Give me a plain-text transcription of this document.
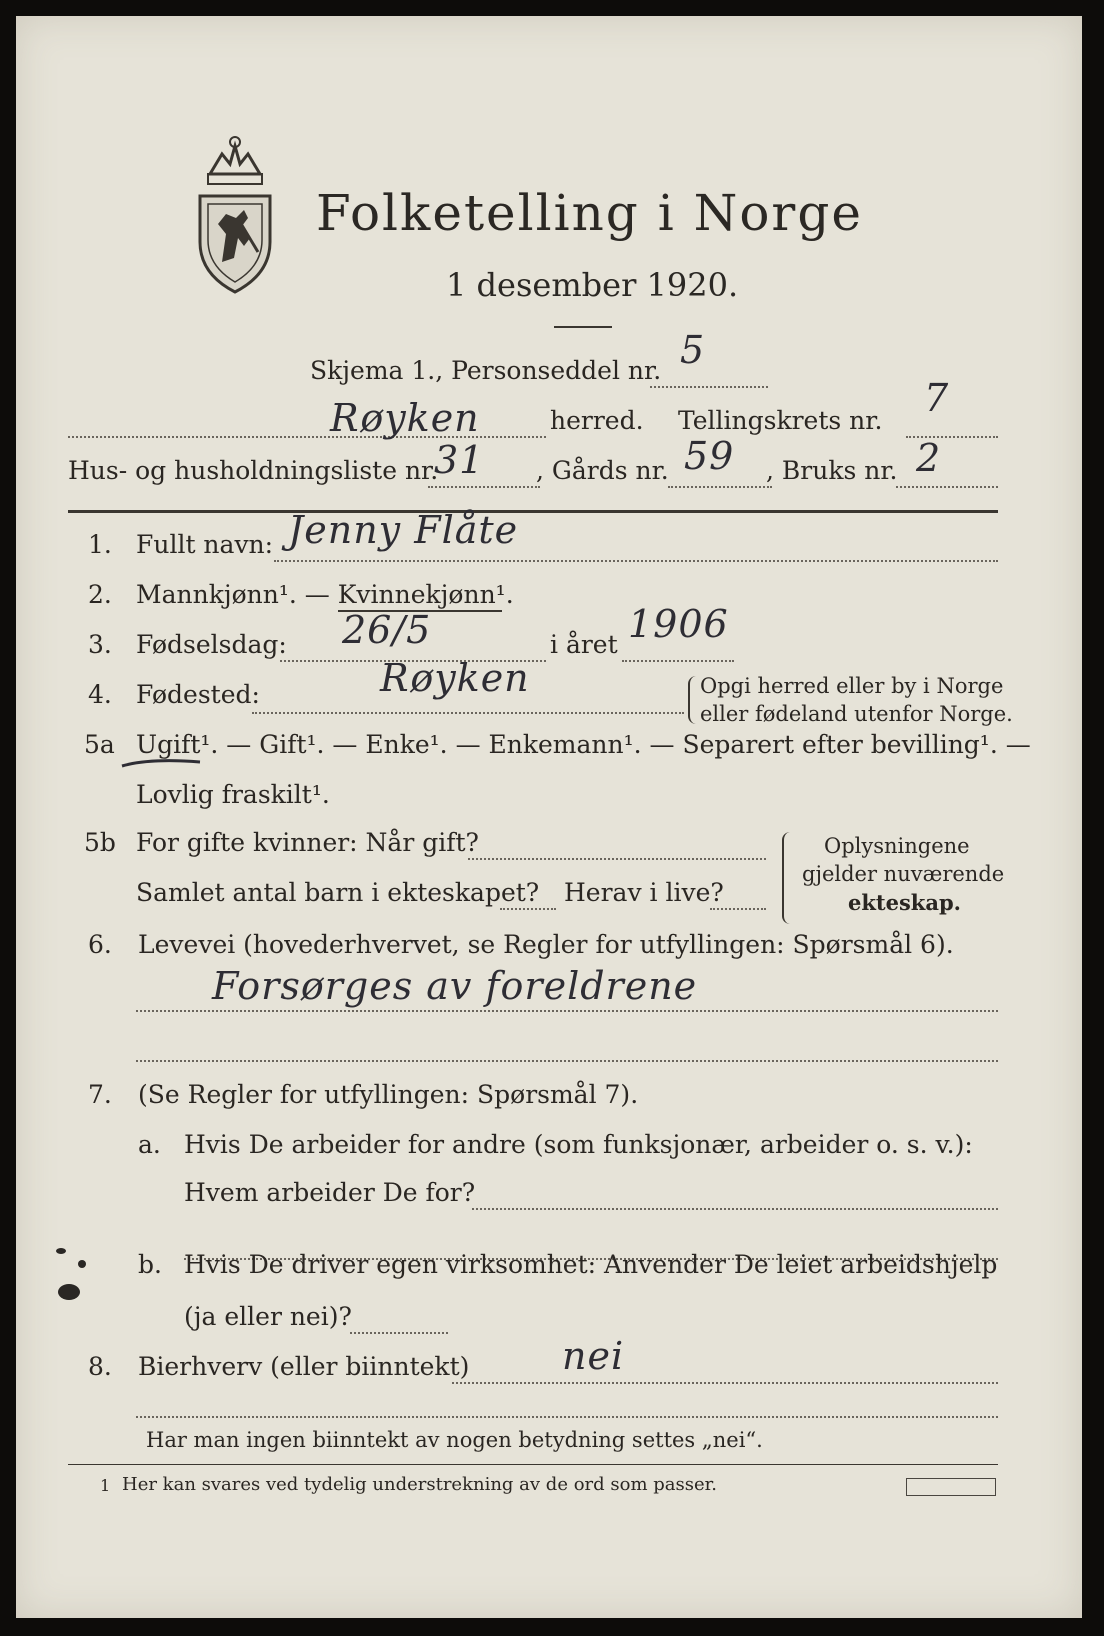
Folketelling i Norge
1 desember 1920.
Skjema 1., Personseddel nr. 5
Røyken	herred. Tellingskrets nr.
7
Hus- og husholdningsliste nr.
31 , Gårds nr. 59 , Bruks nr. 2
1. Fullt navn: Jenny Flåte
2. Mannkjønn¹. — Kvinnekjønn¹.
3. Fødselsdag: 26/5	i året 1906
4. Fødested:	Røyken	Opgi herred eller by i Norge
eller fødeland utenfor Norge.
5a Ugift¹. — Gift¹. — Enke¹. — Enkemann¹. — Separert efter bevilling¹. —
Lovlig fraskilt¹.
5b For gifte kvinner: Når gift?
Samlet antal barn i ekteskapet? Herav i live?
Oplysningene
gjelder nuværende
ekteskap.
6. Levevei (hovederhvervet, se Regler for utfyllingen: Spørsmål 6).
Forsørges av foreldrene
7. (Se Regler for utfyllingen: Spørsmål 7).
a. Hvis De arbeider for andre (som funksjonær, arbeider o. s. v.):
Hvem arbeider De for?
b. Hvis De driver egen virksomhet: Anvender De leiet arbeidshjelp
(ja eller nei)?
8. Bierhverv (eller biinntekt) nei
Har man ingen biinntekt av nogen betydning settes „nei“.
1 Her kan svares ved tydelig understrekning av de ord som passer.
